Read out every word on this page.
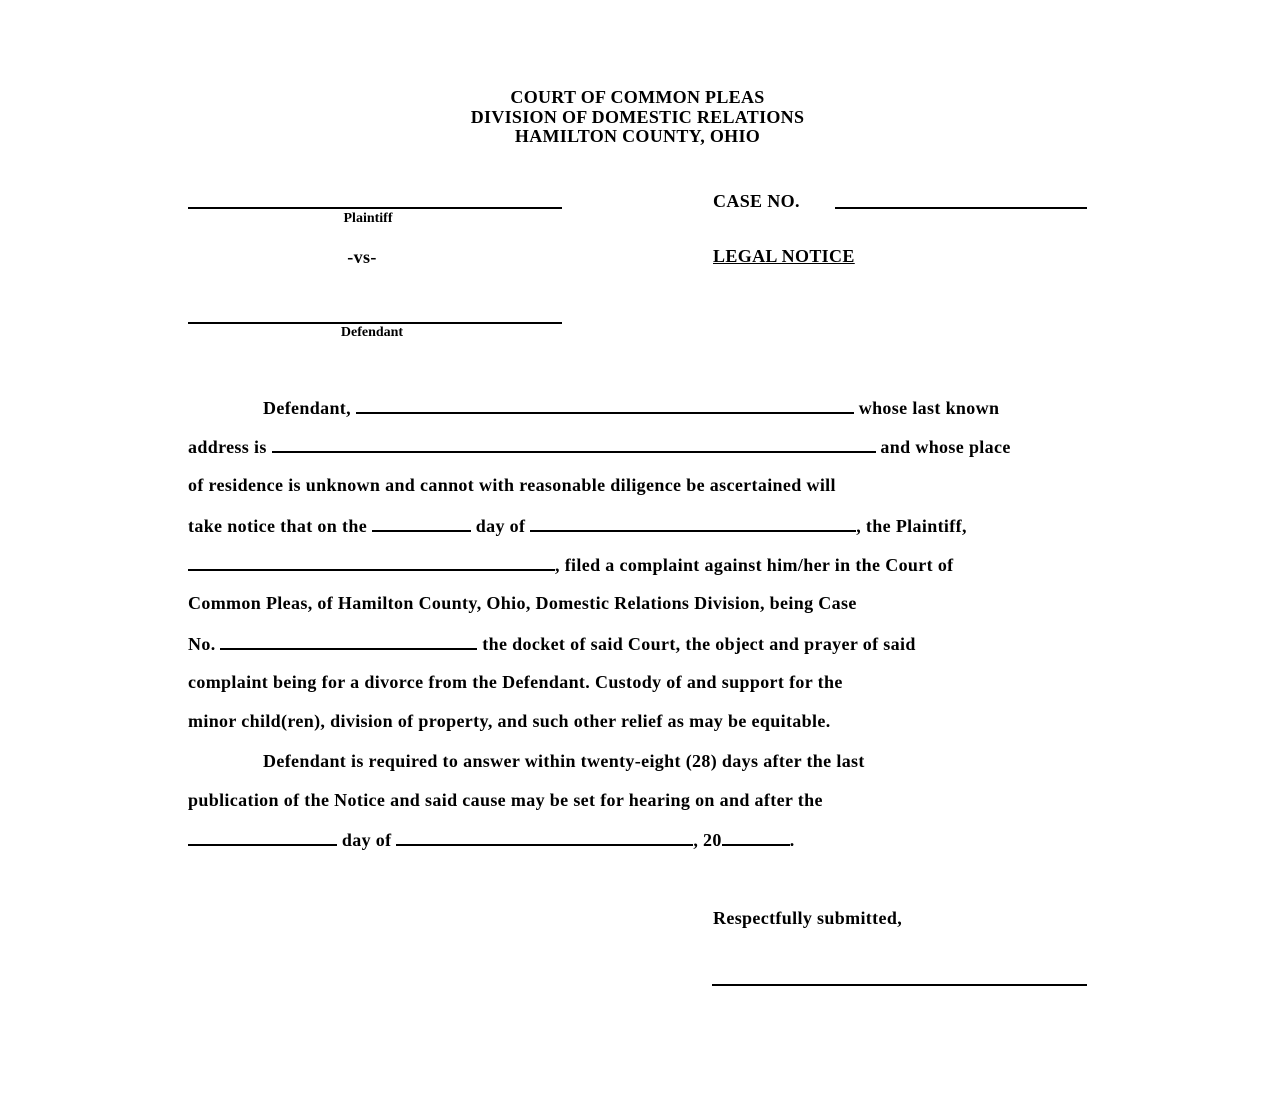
COURT OF COMMON PLEAS
DIVISION OF DOMESTIC RELATIONS
HAMILTON COUNTY, OHIO
Plaintiff
-vs-
Defendant
CASE NO.
LEGAL NOTICE
Defendant,	whose last known
address is	and whose place
of residence is unknown and cannot with reasonable diligence be ascertained will
take notice that on the	day of	, the Plaintiff,
, filed a complaint against him/her in the Court of
Common Pleas, of Hamilton County, Ohio, Domestic Relations Division, being Case
No.	the docket of said Court, the object and prayer of said
complaint being for a divorce from the Defendant. Custody of and support for the
minor child(ren), division of property, and such other relief as may be equitable.
Defendant is required to answer within twenty-eight (28) days after the last
publication of the Notice and said cause may be set for hearing on and after the
day of	, 20	.
Respectfully submitted,
